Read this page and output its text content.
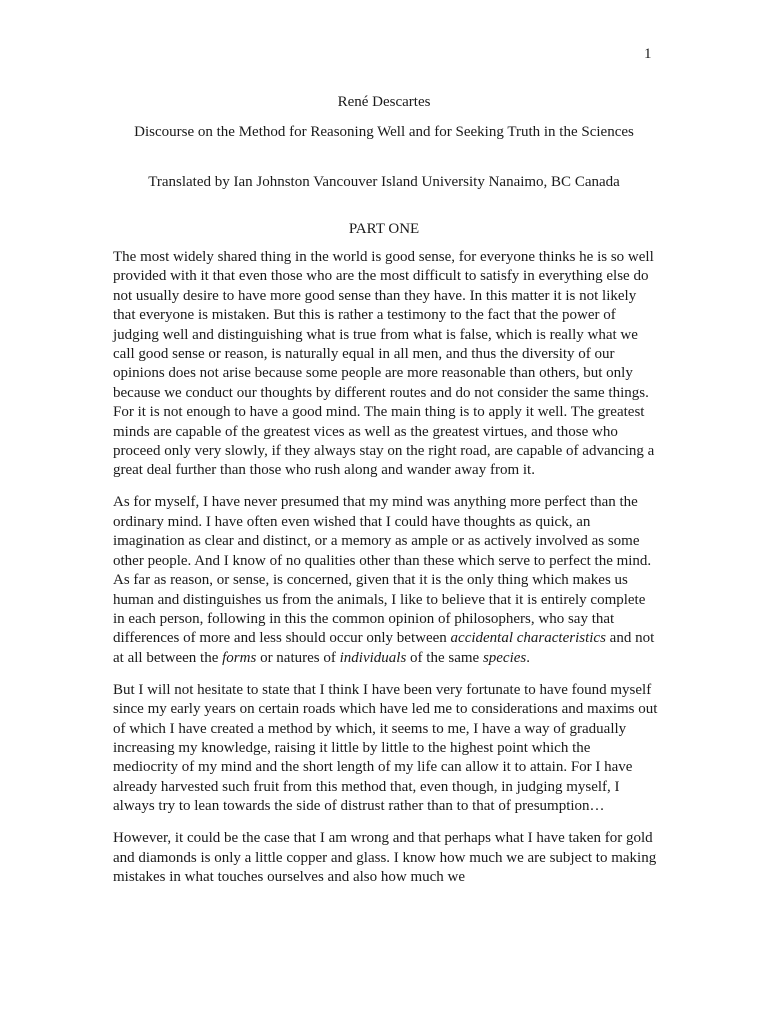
1

René Descartes

Discourse on the Method for Reasoning Well and for Seeking Truth in the Sciences

Translated by Ian Johnston Vancouver Island University Nanaimo, BC Canada

PART ONE

The most widely shared thing in the world is good sense, for everyone thinks he is so well provided with it that even those who are the most difficult to satisfy in everything else do not usually desire to have more good sense than they have. In this matter it is not likely that everyone is mistaken. But this is rather a testimony to the fact that the power of judging well and distinguishing what is true from what is false, which is really what we call good sense or reason, is naturally equal in all men, and thus the diversity of our opinions does not arise because some people are more reasonable than others, but only because we conduct our thoughts by different routes and do not consider the same things. For it is not enough to have a good mind. The main thing is to apply it well. The greatest minds are capable of the greatest vices as well as the greatest virtues, and those who proceed only very slowly, if they always stay on the right road, are capable of advancing a great deal further than those who rush along and wander away from it.

As for myself, I have never presumed that my mind was anything more perfect than the ordinary mind. I have often even wished that I could have thoughts as quick, an imagination as clear and distinct, or a memory as ample or as actively involved as some other people. And I know of no qualities other than these which serve to perfect the mind. As far as reason, or sense, is concerned, given that it is the only thing which makes us human and distinguishes us from the animals, I like to believe that it is entirely complete in each person, following in this the common opinion of philosophers, who say that differences of more and less should occur only between accidental characteristics and not at all between the forms or natures of individuals of the same species.

But I will not hesitate to state that I think I have been very fortunate to have found myself since my early years on certain roads which have led me to considerations and maxims out of which I have created a method by which, it seems to me, I have a way of gradually increasing my knowledge, raising it little by little to the highest point which the mediocrity of my mind and the short length of my life can allow it to attain. For I have already harvested such fruit from this method that, even though, in judging myself, I always try to lean towards the side of distrust rather than to that of presumption…

However, it could be the case that I am wrong and that perhaps what I have taken for gold and diamonds is only a little copper and glass. I know how much we are subject to making mistakes in what touches ourselves and also how much we
